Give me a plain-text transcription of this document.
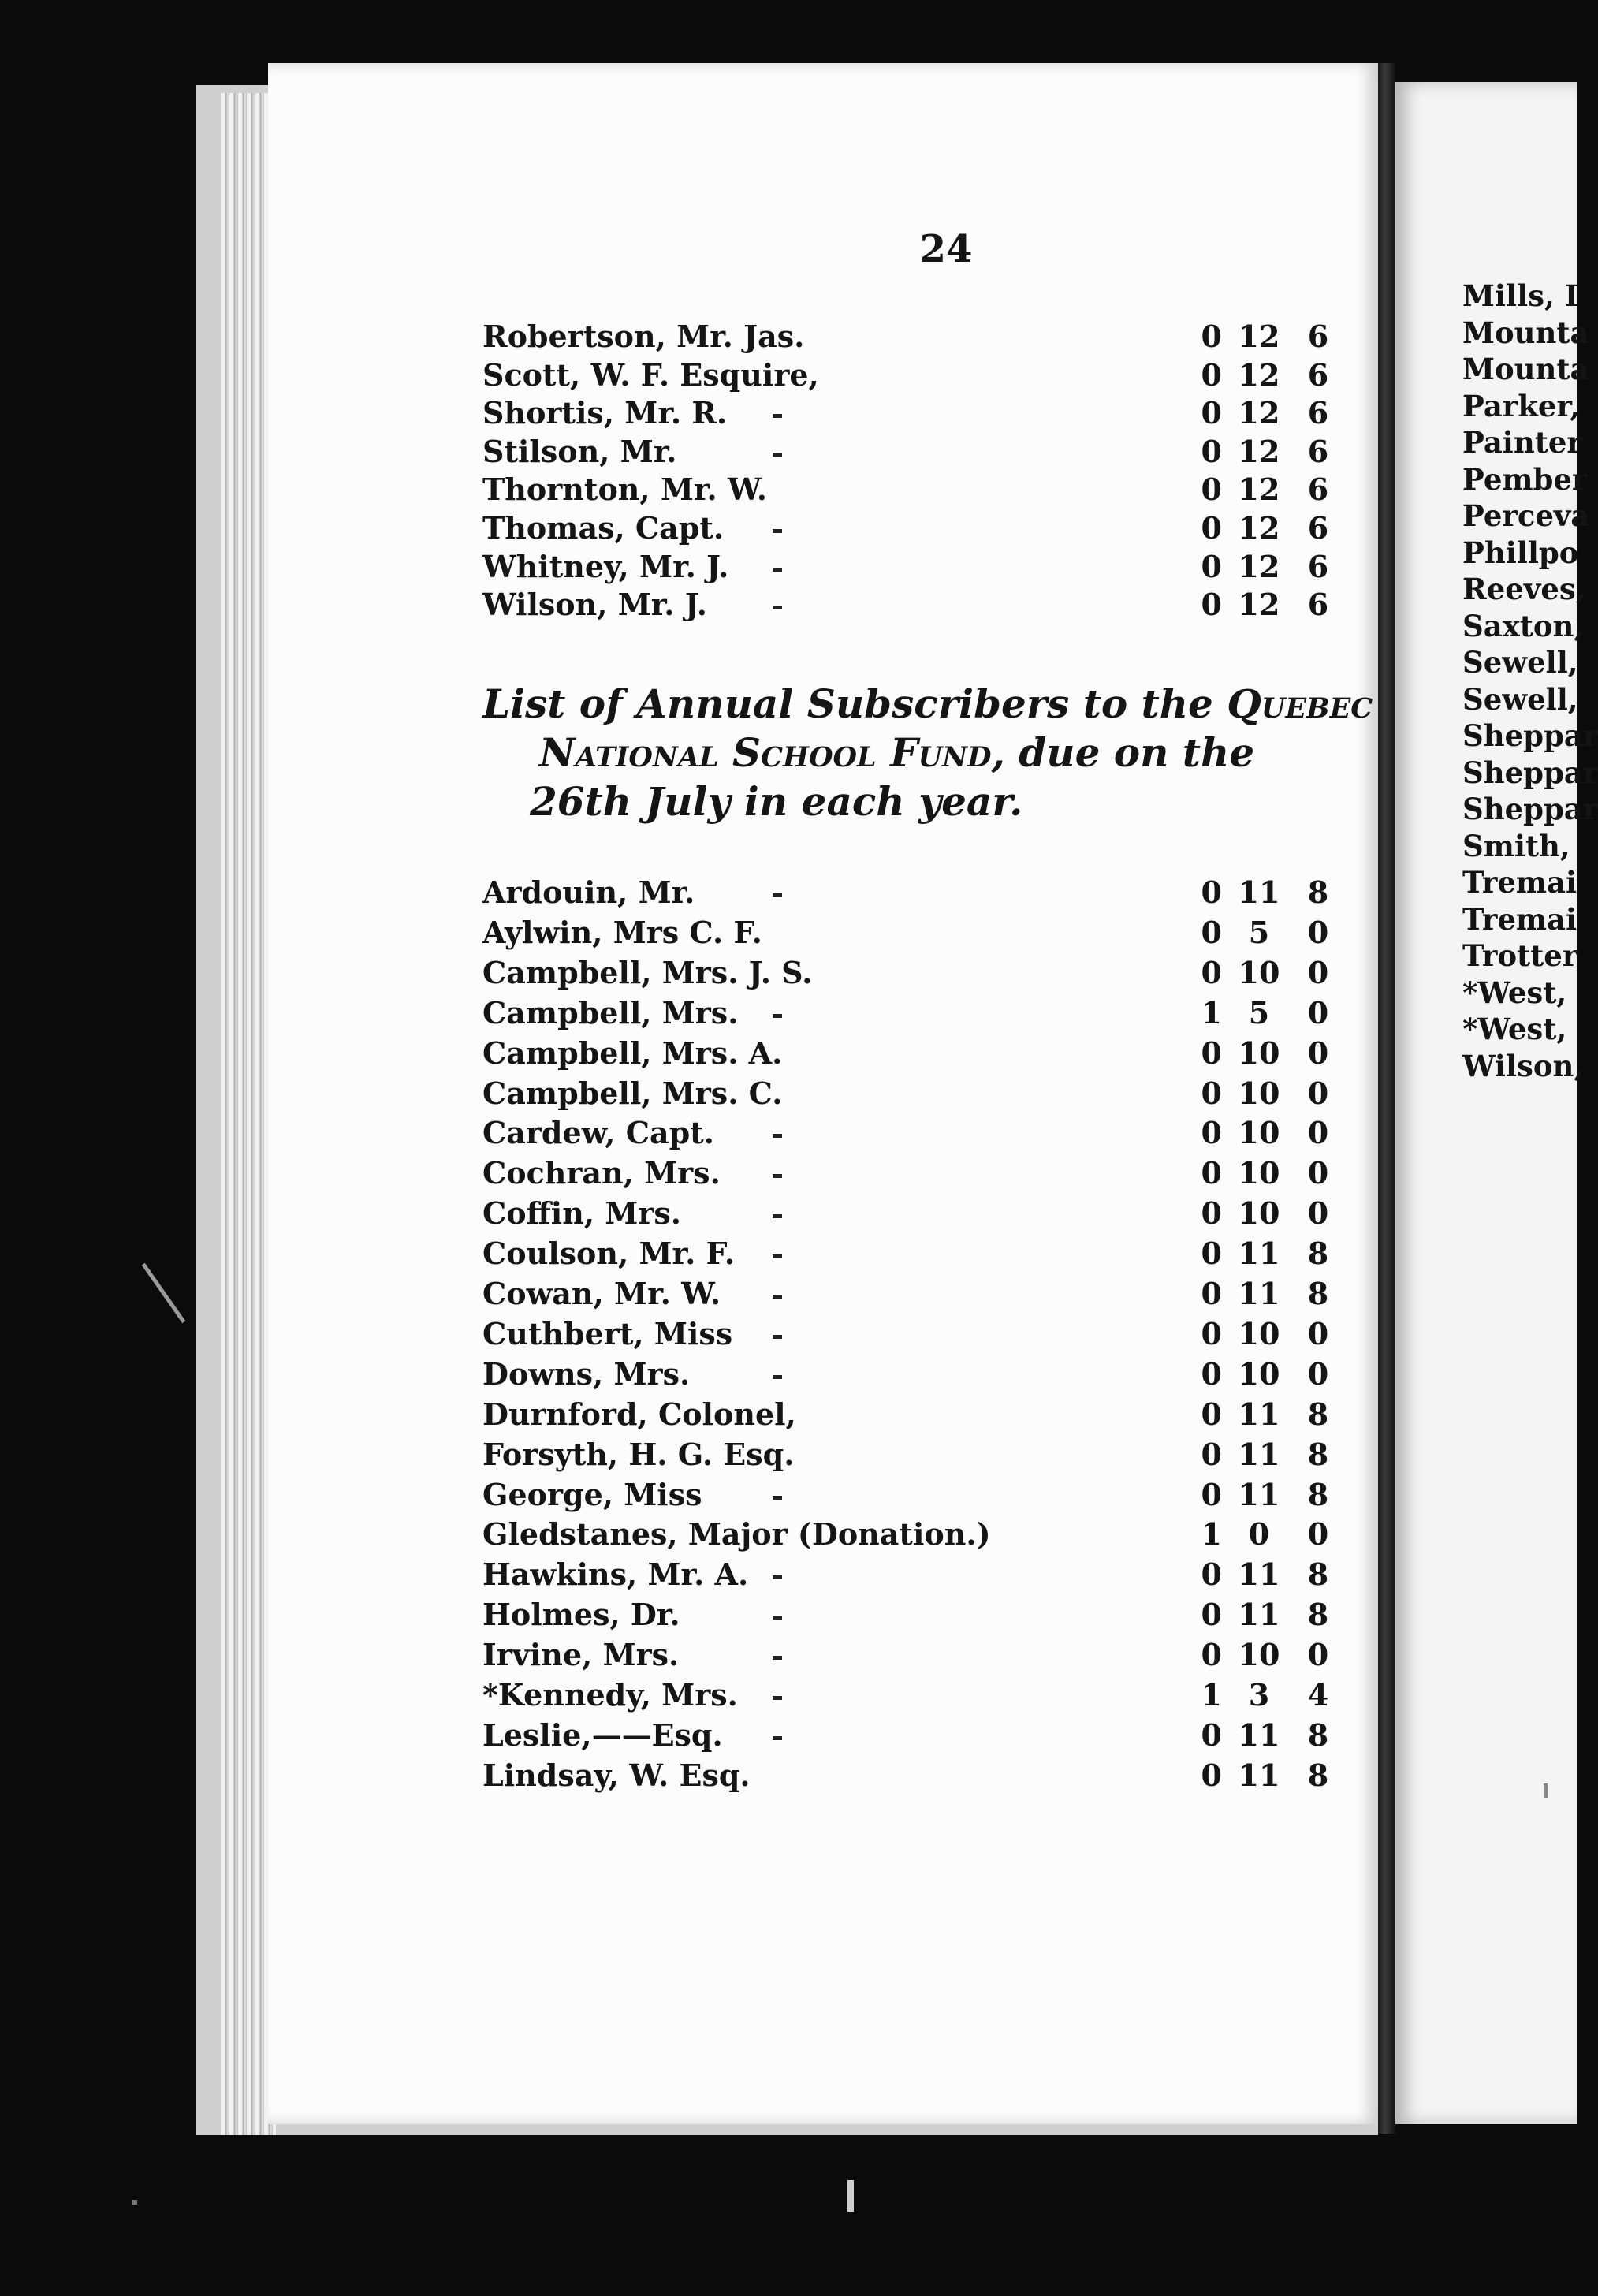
24
Robertson, Mr. Jas.	0 12 6
Scott, W. F. Esquire,	0 12 6
Shortis, Mr. R.	0 12 6
Stilson, Mr.	0 12 6
Thornton, Mr. W.	0 12 6
Thomas, Capt.	0 12 6
Whitney, Mr. J.	0 12 6
Wilson, Mr. J.	0 12 6
List of Annual Subscribers to the Quebec
National School Fund, due on the
26th July in each year.
Ardouin, Mr.	0 11 8
Aylwin, Mrs C. F.	0 5	0
Campbell, Mrs. J. S.	0 10 0
Campbell, Mrs.	1 5	0
Campbell, Mrs. A.	0 10 0
Campbell, Mrs. C.	0 10 0
Cardew, Capt.	0 10 0
Cochran, Mrs.	0 10 0
Coffin, Mrs.	0 10 0
Coulson, Mr. F.	0 11 8
Cowan, Mr. W.	0 11 8
Cuthbert, Miss	0 10 0
Downs, Mrs.	0 10 0
Durnford, Colonel,	0 11 8
Forsyth, H. G. Esq.	0 11 8
George, Miss	0 11 8
Gledstanes, Major (Donation.)	1 0	0
Hawkins, Mr. A.	0 11 8
Holmes, Dr.	0 11 8
Irvine, Mrs.	0 10 0
*Kennedy, Mrs.	1 3	4
Leslie,——Esq.	0 11 8
Lindsay, W. Esq.	0 11 8
Mills, I
Mounta
Mounta
Parker,
Painter
Pember
Perceva
Phillpo
Reeves,
Saxton,
Sewell,
Sewell,
Sheppar
Sheppar
Sheppar
Smith,
Tremai
Tremai
Trotter
*West,
*West,
Wilson,
